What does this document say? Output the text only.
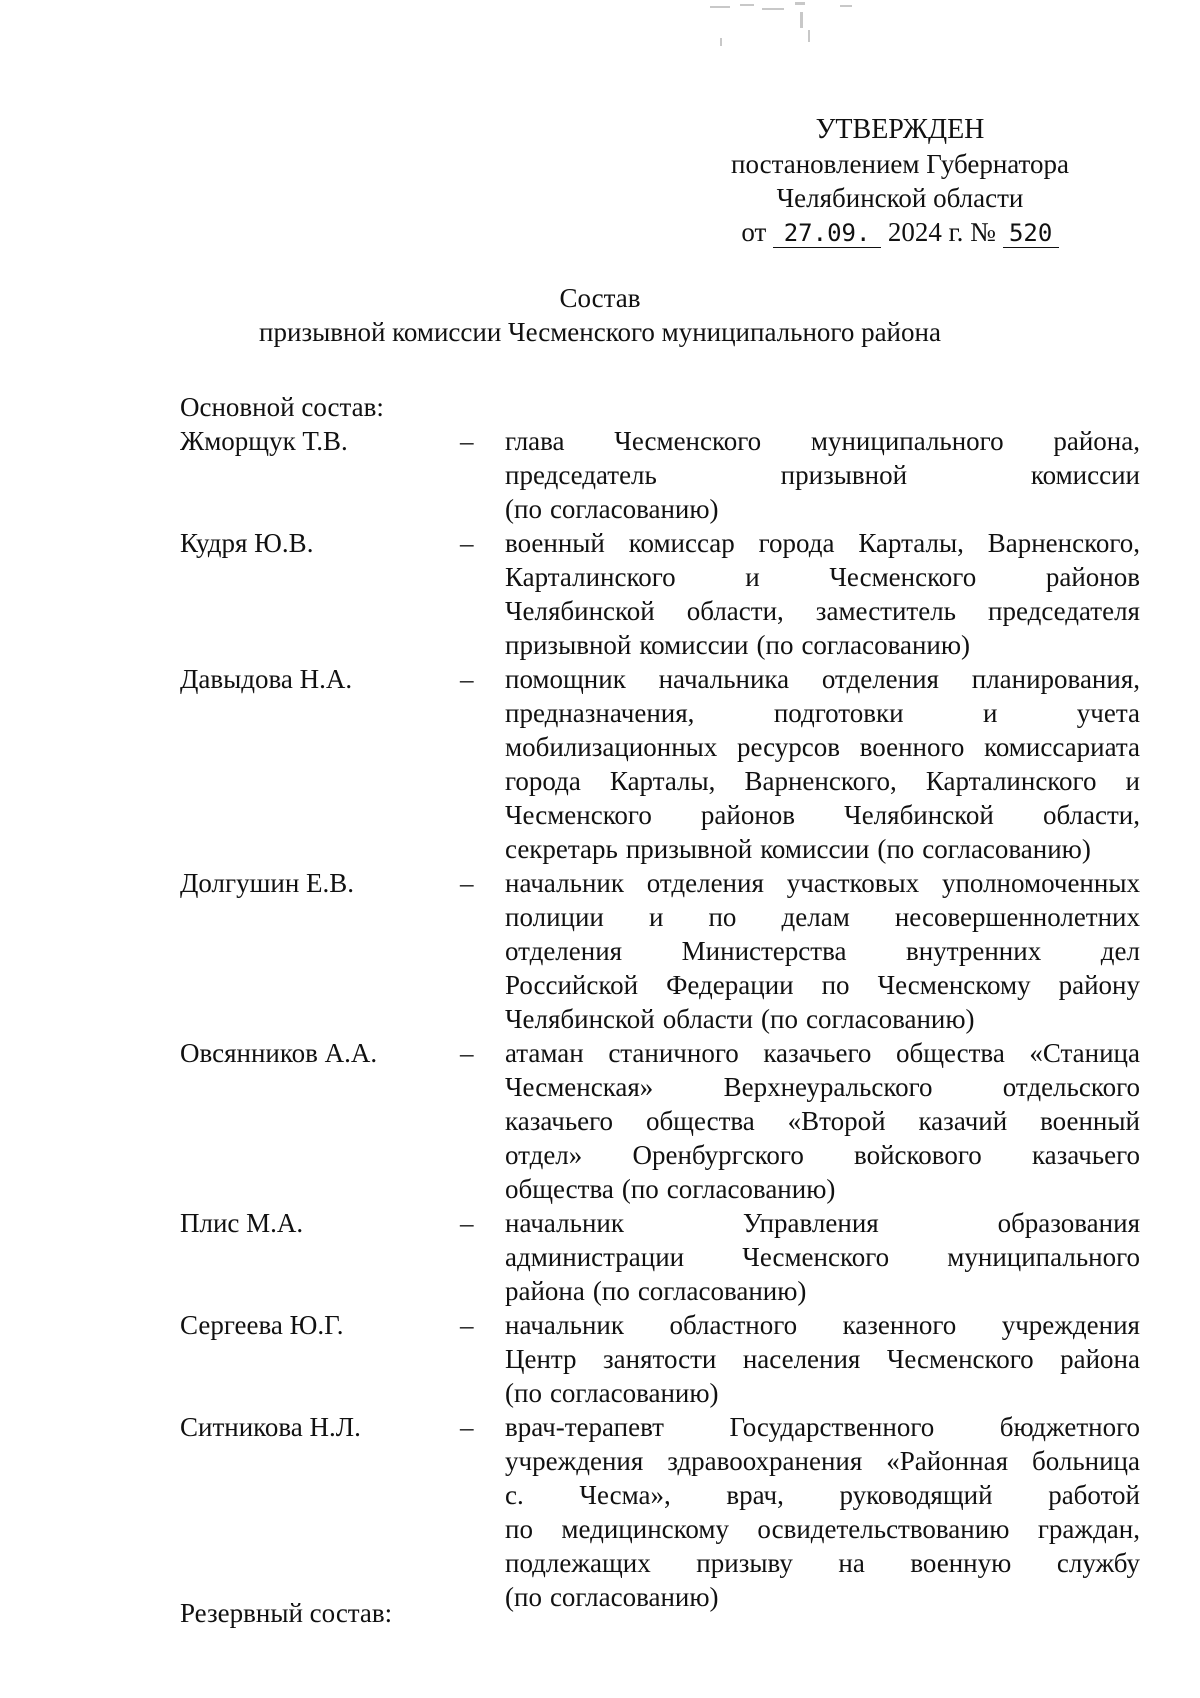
УТВЕРЖДЕН
постановлением Губернатора
Челябинской области
от 27.09. 2024 г. № 520
Состав
призывной комиссии Чесменского муниципального района
Основной состав:
Жморщук Т.В.	–	глава Чесменского муниципального района,
председатель	призывной	комиссии
(по согласованию)
Кудря Ю.В.	–	военный комиссар города Карталы, Варненского,
Карталинского	и	Чесменского	районов
Челябинской области, заместитель председателя
призывной комиссии (по согласованию)
Давыдова Н.А.	–	помощник начальника отделения планирования,
предназначения,	подготовки	и	учета
мобилизационных ресурсов военного комиссариата
города Карталы, Варненского, Карталинского и
Чесменского районов Челябинской области,
секретарь призывной комиссии (по согласованию)
Долгушин Е.В.	–	начальник отделения участковых уполномоченных
полиции и по делам несовершеннолетних
отделения Министерства внутренних дел
Российской Федерации по Чесменскому району
Челябинской области (по согласованию)
Овсянников А.А.	–	атаман станичного казачьего общества «Станица
Чесменская»	Верхнеуральского	отдельского
казачьего общества «Второй казачий военный
отдел» Оренбургского войскового казачьего
общества (по согласованию)
Плис М.А.	–	начальник	Управления	образования
администрации Чесменского муниципального
района (по согласованию)
Сергеева Ю.Г.	–	начальник областного казенного учреждения
Центр занятости населения Чесменского района
(по согласованию)
Ситникова Н.Л.	–	врач-терапевт Государственного бюджетного
учреждения здравоохранения «Районная больница
с. Чесма», врач, руководящий работой
по медицинскому освидетельствованию граждан,
подлежащих призыву на военную службу
(по согласованию)
Резервный состав:
